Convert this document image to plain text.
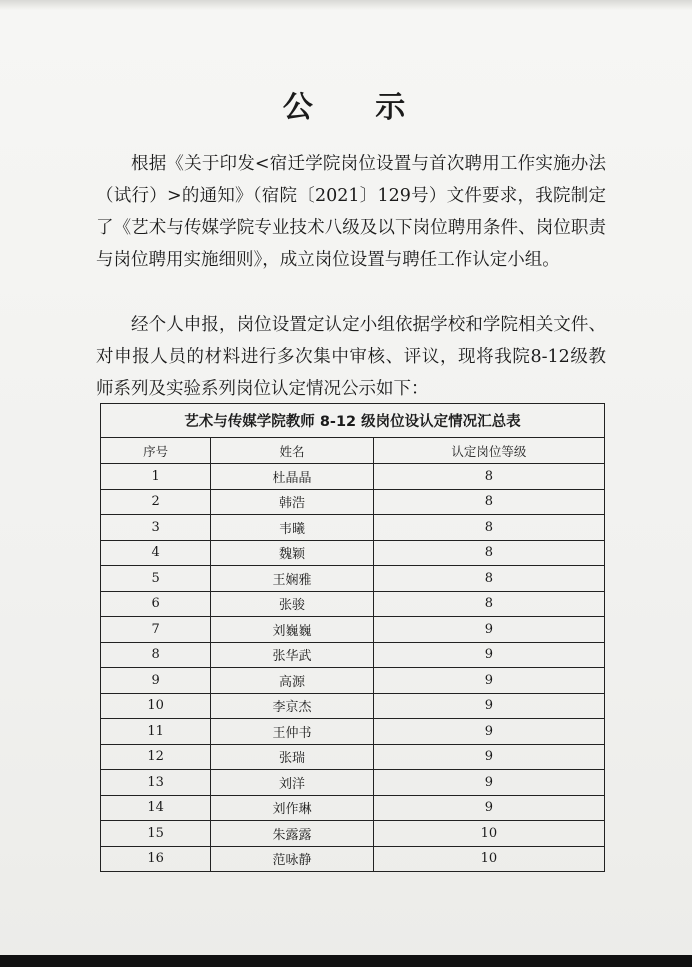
公 示
根据《关于印发<宿迁学院岗位设置与首次聘用工作实施办法（试行）>的通知》（宿院〔2021〕129号）文件要求，我院制定了《艺术与传媒学院专业技术八级及以下岗位聘用条件、岗位职责与岗位聘用实施细则》，成立岗位设置与聘任工作认定小组。
经个人申报，岗位设置定认定小组依据学校和学院相关文件、对申报人员的材料进行多次集中审核、评议，现将我院8-12级教师系列及实验系列岗位认定情况公示如下：
艺术与传媒学院教师 8-12 级岗位设认定情况汇总表		
序号	姓名	认定岗位等级
1	杜晶晶	8
2	韩浩	8
3	韦曦	8
4	魏颖	8
5	王娴雅	8
6	张骏	8
7	刘巍巍	9
8	张华武	9
9	高源	9
10	李京杰	9
11	王仲书	9
12	张瑞	9
13	刘洋	9
14	刘作琳	9
15	朱露露	10
16	范咏静	10
